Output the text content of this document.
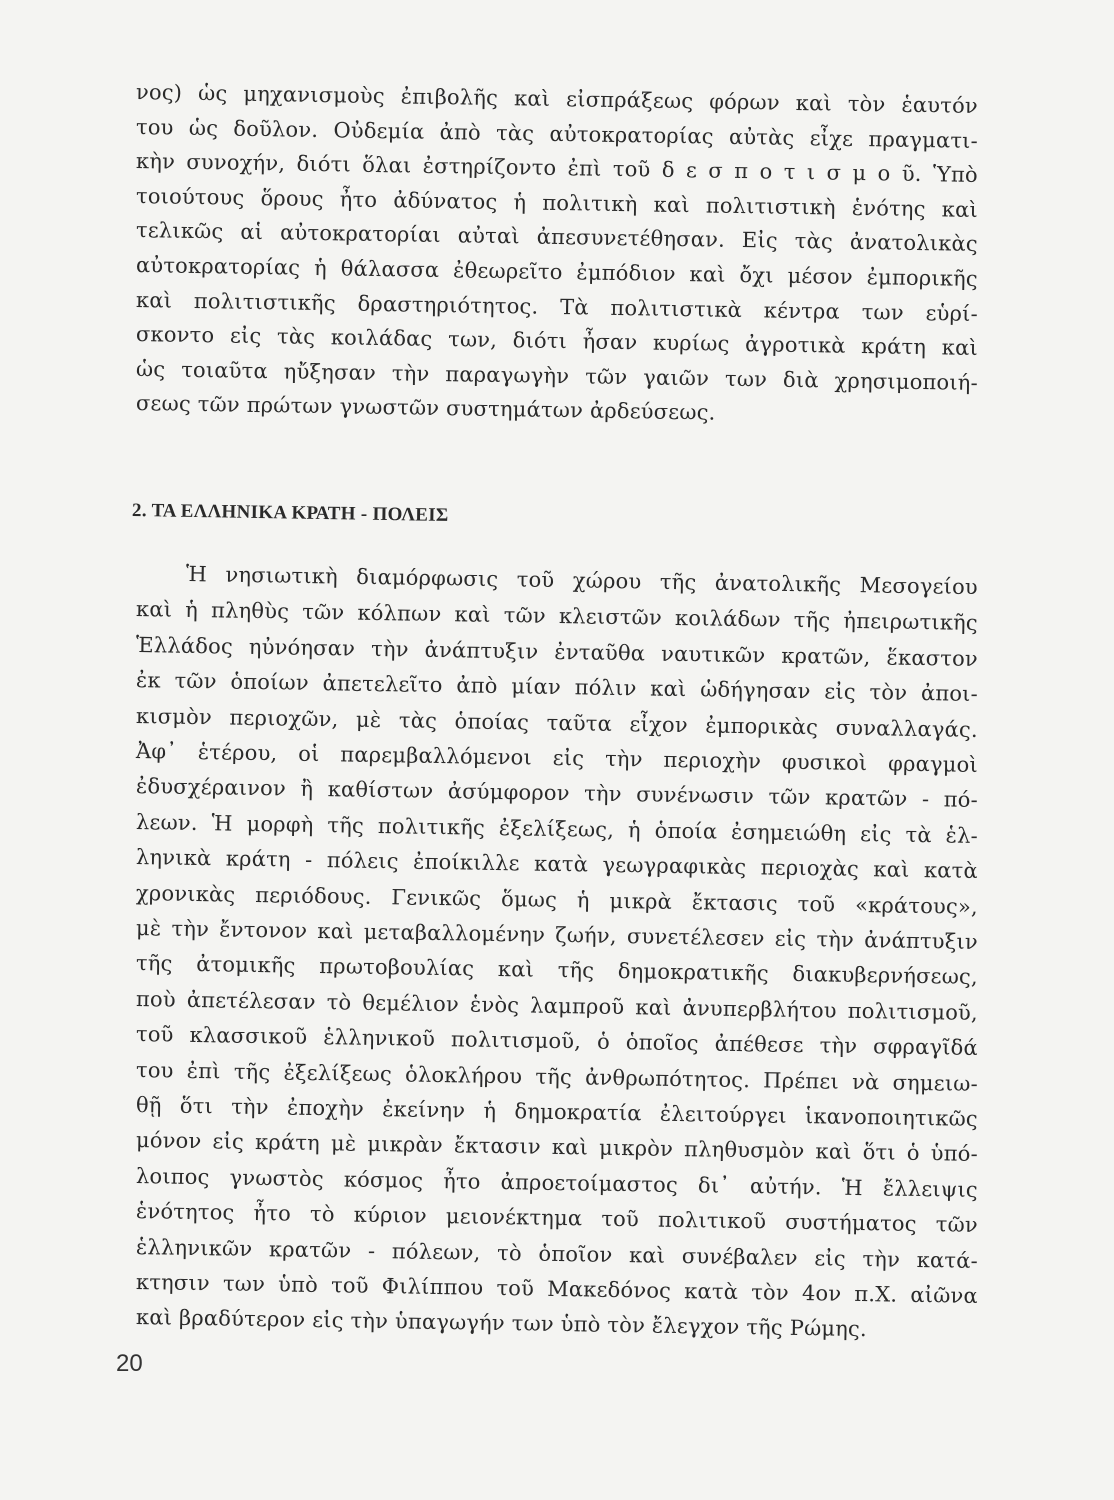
νος) ὡς μηχανισμοὺς ἐπιβολῆς καὶ εἰσπράξεως φόρων καὶ τὸν ἑαυτόν
του ὡς δοῦλον. Οὐδεμία ἀπὸ τὰς αὐτοκρατορίας αὐτὰς εἶχε πραγματι-
κὴν συνοχήν, διότι ὅλαι ἐστηρίζοντο ἐπὶ τοῦ δ ε σ π ο τ ι σ μ ο ῦ. Ὑπὸ
τοιούτους ὅρους ἦτο ἀδύνατος ἡ πολιτικὴ καὶ πολιτιστικὴ ἑνότης καὶ
τελικῶς αἱ αὐτοκρατορίαι αὐταὶ ἀπεσυνετέθησαν. Εἰς τὰς ἀνατολικὰς
αὐτοκρατορίας ἡ θάλασσα ἐθεωρεῖτο ἐμπόδιον καὶ ὄχι μέσον ἐμπορικῆς
καὶ πολιτιστικῆς δραστηριότητος. Τὰ πολιτιστικὰ κέντρα των εὑρί-
σκοντο εἰς τὰς κοιλάδας των, διότι ἦσαν κυρίως ἀγροτικὰ κράτη καὶ
ὡς τοιαῦτα ηὔξησαν τὴν παραγωγὴν τῶν γαιῶν των διὰ χρησιμοποιή-
σεως τῶν πρώτων γνωστῶν συστημάτων ἀρδεύσεως.
2. ΤΑ ΕΛΛΗΝΙΚΑ ΚΡΑΤΗ - ΠΟΛΕΙΣ
Ἡ νησιωτικὴ διαμόρφωσις τοῦ χώρου τῆς ἀνατολικῆς Μεσογείου
καὶ ἡ πληθὺς τῶν κόλπων καὶ τῶν κλειστῶν κοιλάδων τῆς ἠπειρωτικῆς
Ἑλλάδος ηὐνόησαν τὴν ἀνάπτυξιν ἐνταῦθα ναυτικῶν κρατῶν, ἕκαστον
ἐκ τῶν ὁποίων ἀπετελεῖτο ἀπὸ μίαν πόλιν καὶ ὡδήγησαν εἰς τὸν ἀποι-
κισμὸν περιοχῶν, μὲ τὰς ὁποίας ταῦτα εἶχον ἐμπορικὰς συναλλαγάς.
Ἀφ᾿ ἑτέρου, οἱ παρεμβαλλόμενοι εἰς τὴν περιοχὴν φυσικοὶ φραγμοὶ
ἐδυσχέραινον ἢ καθίστων ἀσύμφορον τὴν συνένωσιν τῶν κρατῶν - πό-
λεων. Ἡ μορφὴ τῆς πολιτικῆς ἐξελίξεως, ἡ ὁποία ἐσημειώθη εἰς τὰ ἑλ-
ληνικὰ κράτη - πόλεις ἐποίκιλλε κατὰ γεωγραφικὰς περιοχὰς καὶ κατὰ
χρονικὰς περιόδους. Γενικῶς ὅμως ἡ μικρὰ ἔκτασις τοῦ «κράτους»,
μὲ τὴν ἔντονον καὶ μεταβαλλομένην ζωήν, συνετέλεσεν εἰς τὴν ἀνάπτυξιν
τῆς ἀτομικῆς πρωτοβουλίας καὶ τῆς δημοκρατικῆς διακυβερνήσεως,
ποὺ ἀπετέλεσαν τὸ θεμέλιον ἑνὸς λαμπροῦ καὶ ἀνυπερβλήτου πολιτισμοῦ,
τοῦ κλασσικοῦ ἑλληνικοῦ πολιτισμοῦ, ὁ ὁποῖος ἀπέθεσε τὴν σφραγῖδά
του ἐπὶ τῆς ἐξελίξεως ὁλοκλήρου τῆς ἀνθρωπότητος. Πρέπει νὰ σημειω-
θῇ ὅτι τὴν ἐποχὴν ἐκείνην ἡ δημοκρατία ἐλειτούργει ἱκανοποιητικῶς
μόνον εἰς κράτη μὲ μικρὰν ἔκτασιν καὶ μικρὸν πληθυσμὸν καὶ ὅτι ὁ ὑπό-
λοιπος γνωστὸς κόσμος ἦτο ἀπροετοίμαστος δι᾿ αὐτήν. Ἡ ἔλλειψις
ἑνότητος ἦτο τὸ κύριον μειονέκτημα τοῦ πολιτικοῦ συστήματος τῶν
ἑλληνικῶν κρατῶν - πόλεων, τὸ ὁποῖον καὶ συνέβαλεν εἰς τὴν κατά-
κτησιν των ὑπὸ τοῦ Φιλίππου τοῦ Μακεδόνος κατὰ τὸν 4ον π.Χ. αἰῶνα
καὶ βραδύτερον εἰς τὴν ὑπαγωγήν των ὑπὸ τὸν ἔλεγχον τῆς Ρώμης.
20
